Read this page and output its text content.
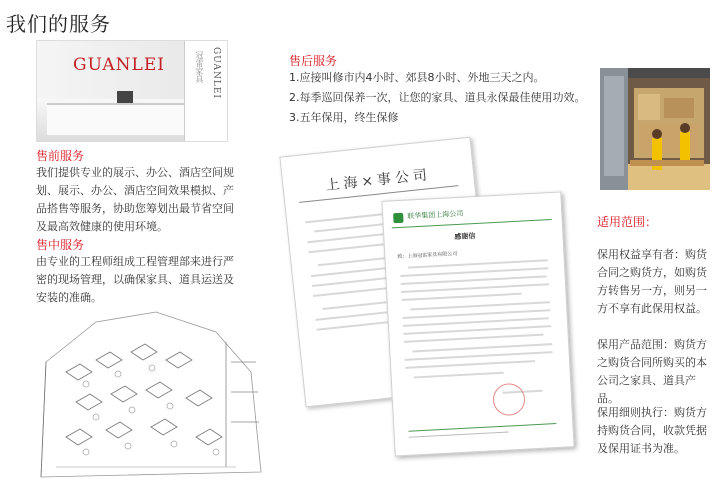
我们的服务
GUANLEI	GUANLEI
冠雷家具
售前服务
我们提供专业的展示、办公、酒店空间规划、展示、办公、酒店空间效果模拟、产品搭售等服务，协助您筹划出最节省空间及最高效健康的使用环境。
售中服务
由专业的工程师组成工程管理部来进行严密的现场管理，以确保家具、道具运送及安装的准确。
售后服务
1.应接叫修市内4小时、郊县8小时、外地三天之内。
2.每季巡回保养一次，让您的家具、道具永保最佳使用功效。
3.五年保用，终生保修
上海×事公司
联华集团上海公司
感谢信
致：上海冠雷家具有限公司
适用范围：
保用权益享有者：购货合同之购货方，如购货方转售另一方，则另一方不享有此保用权益。
保用产品范围：购货方之购货合同所购买的本公司之家具、道具产品。
保用细则执行：购货方持购货合同，收款凭据及保用证书为准。
